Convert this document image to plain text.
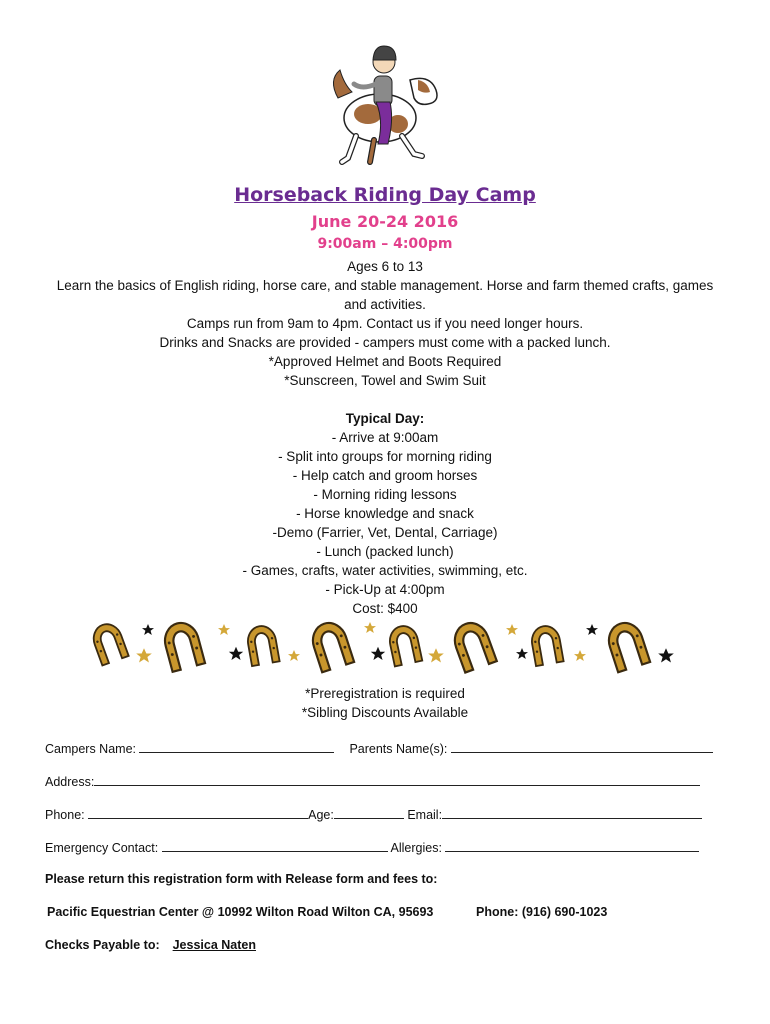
Horseback Riding Day Camp
June 20-24 2016
9:00am – 4:00pm
Ages 6 to 13
Learn the basics of English riding, horse care, and stable management. Horse and farm themed crafts, games
and activities.
Camps run from 9am to 4pm. Contact us if you need longer hours.
Drinks and Snacks are provided - campers must come with a packed lunch.
*Approved Helmet and Boots Required
*Sunscreen, Towel and Swim Suit
Typical Day:
- Arrive at 9:00am
- Split into groups for morning riding
- Help catch and groom horses
- Morning riding lessons
- Horse knowledge and snack
-Demo (Farrier, Vet, Dental, Carriage)
- Lunch (packed lunch)
- Games, crafts, water activities, swimming, etc.
- Pick-Up at 4:00pm
Cost: $400
*Preregistration is required
*Sibling Discounts Available
Campers Name:	Parents Name(s):
Address:
Phone:	Age:	Email:
Emergency Contact:	Allergies:
Please return this registration form with Release form and fees to:
Pacific Equestrian Center @ 10992 Wilton Road Wilton CA, 95693	Phone: (916) 690-1023
Checks Payable to: Jessica Naten
